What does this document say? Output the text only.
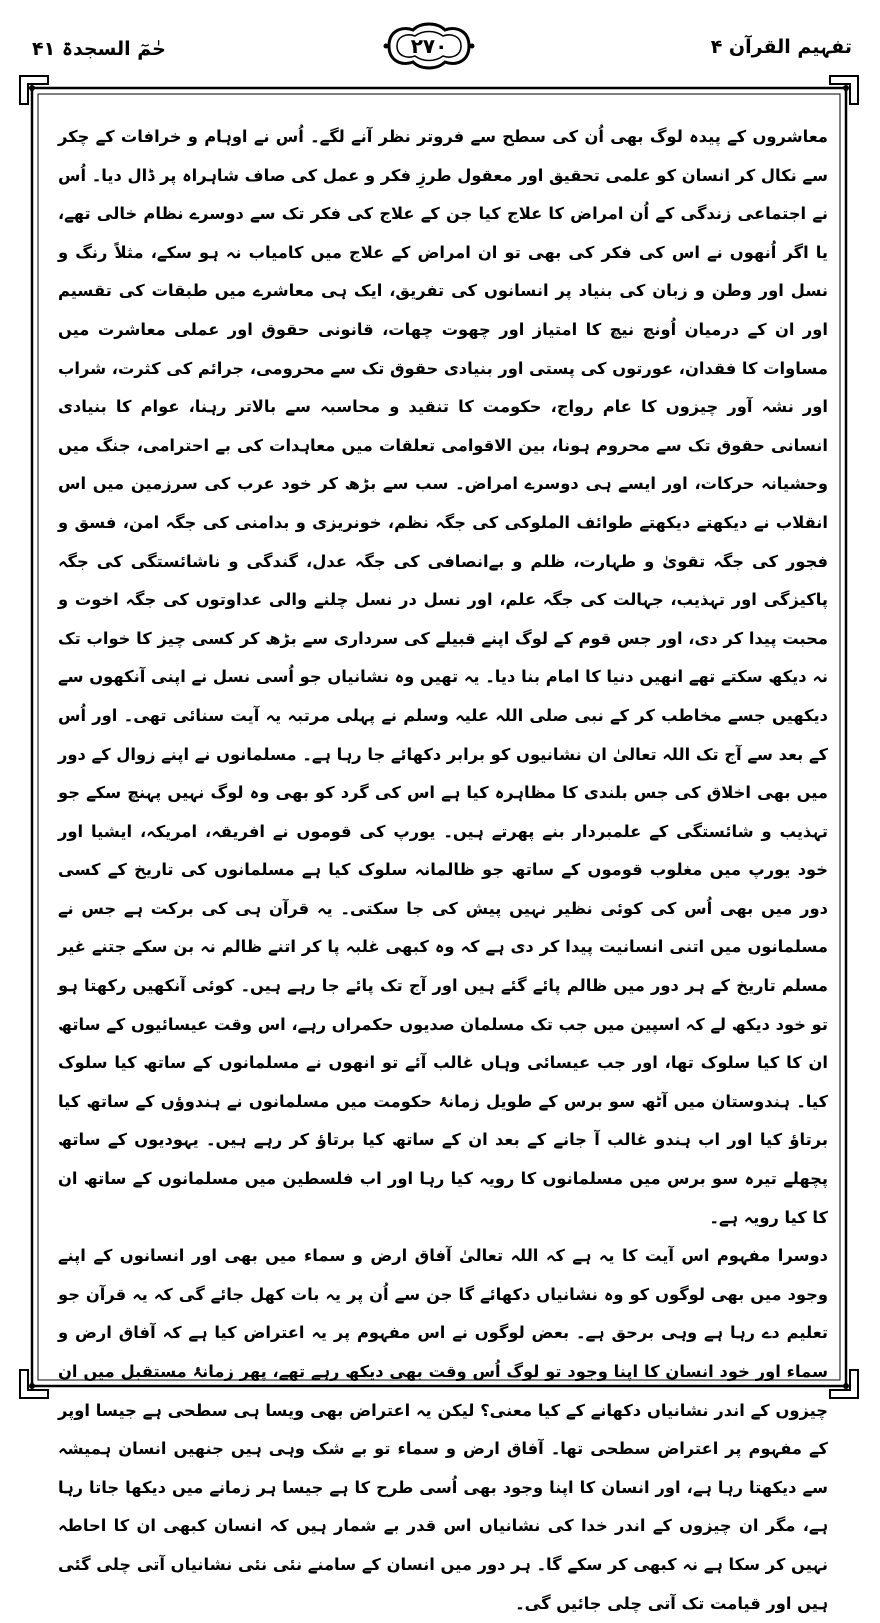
حٰمٓ السجدۃ ۴۱	۲۷۰	تفہیم القرآن ۴

معاشروں کے پیدہ لوگ بھی اُن کی سطح سے فروتر نظر آنے لگے۔ اُس نے اوہام و خرافات کے چکر سے نکال کر انسان کو علمی تحقیق اور معقول طرزِ فکر و عمل کی صاف شاہراہ پر ڈال دیا۔ اُس نے اجتماعی زندگی کے اُن امراض کا علاج کیا جن کے علاج کی فکر تک سے دوسرے نظام خالی تھے، یا اگر اُنھوں نے اس کی فکر کی بھی تو ان امراض کے علاج میں کامیاب نہ ہو سکے، مثلاً رنگ و نسل اور وطن و زبان کی بنیاد پر انسانوں کی تفریق، ایک ہی معاشرے میں طبقات کی تقسیم اور ان کے درمیان اُونچ نیچ کا امتیاز اور چھوت چھات، قانونی حقوق اور عملی معاشرت میں مساوات کا فقدان، عورتوں کی پستی اور بنیادی حقوق تک سے محرومی، جرائم کی کثرت، شراب اور نشہ آور چیزوں کا عام رواج، حکومت کا تنقید و محاسبہ سے بالاتر رہنا، عوام کا بنیادی انسانی حقوق تک سے محروم ہونا، بین الاقوامی تعلقات میں معاہدات کی بے احترامی، جنگ میں وحشیانہ حرکات، اور ایسے ہی دوسرے امراض۔ سب سے بڑھ کر خود عرب کی سرزمین میں اس انقلاب نے دیکھتے دیکھتے طوائف الملوکی کی جگہ نظم، خونریزی و بدامنی کی جگہ امن، فسق و فجور کی جگہ تقویٰ و طہارت، ظلم و بےانصافی کی جگہ عدل، گندگی و ناشائستگی کی جگہ پاکیزگی اور تہذیب، جہالت کی جگہ علم، اور نسل در نسل چلنے والی عداوتوں کی جگہ اخوت و محبت پیدا کر دی، اور جس قوم کے لوگ اپنے قبیلے کی سرداری سے بڑھ کر کسی چیز کا خواب تک نہ دیکھ سکتے تھے انھیں دنیا کا امام بنا دیا۔ یہ تھیں وہ نشانیاں جو اُسی نسل نے اپنی آنکھوں سے دیکھیں جسے مخاطب کر کے نبی صلی اللہ علیہ وسلم نے پہلی مرتبہ یہ آیت سنائی تھی۔ اور اُس کے بعد سے آج تک اللہ تعالیٰ ان نشانیوں کو برابر دکھائے جا رہا ہے۔ مسلمانوں نے اپنے زوال کے دور میں بھی اخلاق کی جس بلندی کا مظاہرہ کیا ہے اس کی گرد کو بھی وہ لوگ نہیں پہنچ سکے جو تہذیب و شائستگی کے علمبردار بنے پھرتے ہیں۔ یورپ کی قوموں نے افریقہ، امریکہ، ایشیا اور خود یورپ میں مغلوب قوموں کے ساتھ جو ظالمانہ سلوک کیا ہے مسلمانوں کی تاریخ کے کسی دور میں بھی اُس کی کوئی نظیر نہیں پیش کی جا سکتی۔ یہ قرآن ہی کی برکت ہے جس نے مسلمانوں میں اتنی انسانیت پیدا کر دی ہے کہ وہ کبھی غلبہ پا کر اتنے ظالم نہ بن سکے جتنے غیر مسلم تاریخ کے ہر دور میں ظالم پائے گئے ہیں اور آج تک پائے جا رہے ہیں۔ کوئی آنکھیں رکھتا ہو تو خود دیکھ لے کہ اسپین میں جب تک مسلمان صدیوں حکمراں رہے، اس وقت عیسائیوں کے ساتھ ان کا کیا سلوک تھا، اور جب عیسائی وہاں غالب آئے تو انھوں نے مسلمانوں کے ساتھ کیا سلوک کیا۔ ہندوستان میں آٹھ سو برس کے طویل زمانۂ حکومت میں مسلمانوں نے ہندوؤں کے ساتھ کیا برتاؤ کیا اور اب ہندو غالب آ جانے کے بعد ان کے ساتھ کیا برتاؤ کر رہے ہیں۔ یہودیوں کے ساتھ پچھلے تیرہ سو برس میں مسلمانوں کا رویہ کیا رہا اور اب فلسطین میں مسلمانوں کے ساتھ ان کا کیا رویہ ہے۔

دوسرا مفہوم اس آیت کا یہ ہے کہ اللہ تعالیٰ آفاق ارض و سماء میں بھی اور انسانوں کے اپنے وجود میں بھی لوگوں کو وہ نشانیاں دکھائے گا جن سے اُن پر یہ بات کھل جائے گی کہ یہ قرآن جو تعلیم دے رہا ہے وہی برحق ہے۔ بعض لوگوں نے اس مفہوم پر یہ اعتراض کیا ہے کہ آفاق ارض و سماء اور خود انسان کا اپنا وجود تو لوگ اُس وقت بھی دیکھ رہے تھے، پھر زمانۂ مستقبل میں ان چیزوں کے اندر نشانیاں دکھانے کے کیا معنی؟ لیکن یہ اعتراض بھی ویسا ہی سطحی ہے جیسا اوپر کے مفہوم پر اعتراض سطحی تھا۔ آفاق ارض و سماء تو بے شک وہی ہیں جنھیں انسان ہمیشہ سے دیکھتا رہا ہے، اور انسان کا اپنا وجود بھی اُسی طرح کا ہے جیسا ہر زمانے میں دیکھا جاتا رہا ہے، مگر ان چیزوں کے اندر خدا کی نشانیاں اس قدر بے شمار ہیں کہ انسان کبھی ان کا احاطہ نہیں کر سکا ہے نہ کبھی کر سکے گا۔ ہر دور میں انسان کے سامنے نئی نئی نشانیاں آتی چلی گئی ہیں اور قیامت تک آتی چلی جائیں گی۔
